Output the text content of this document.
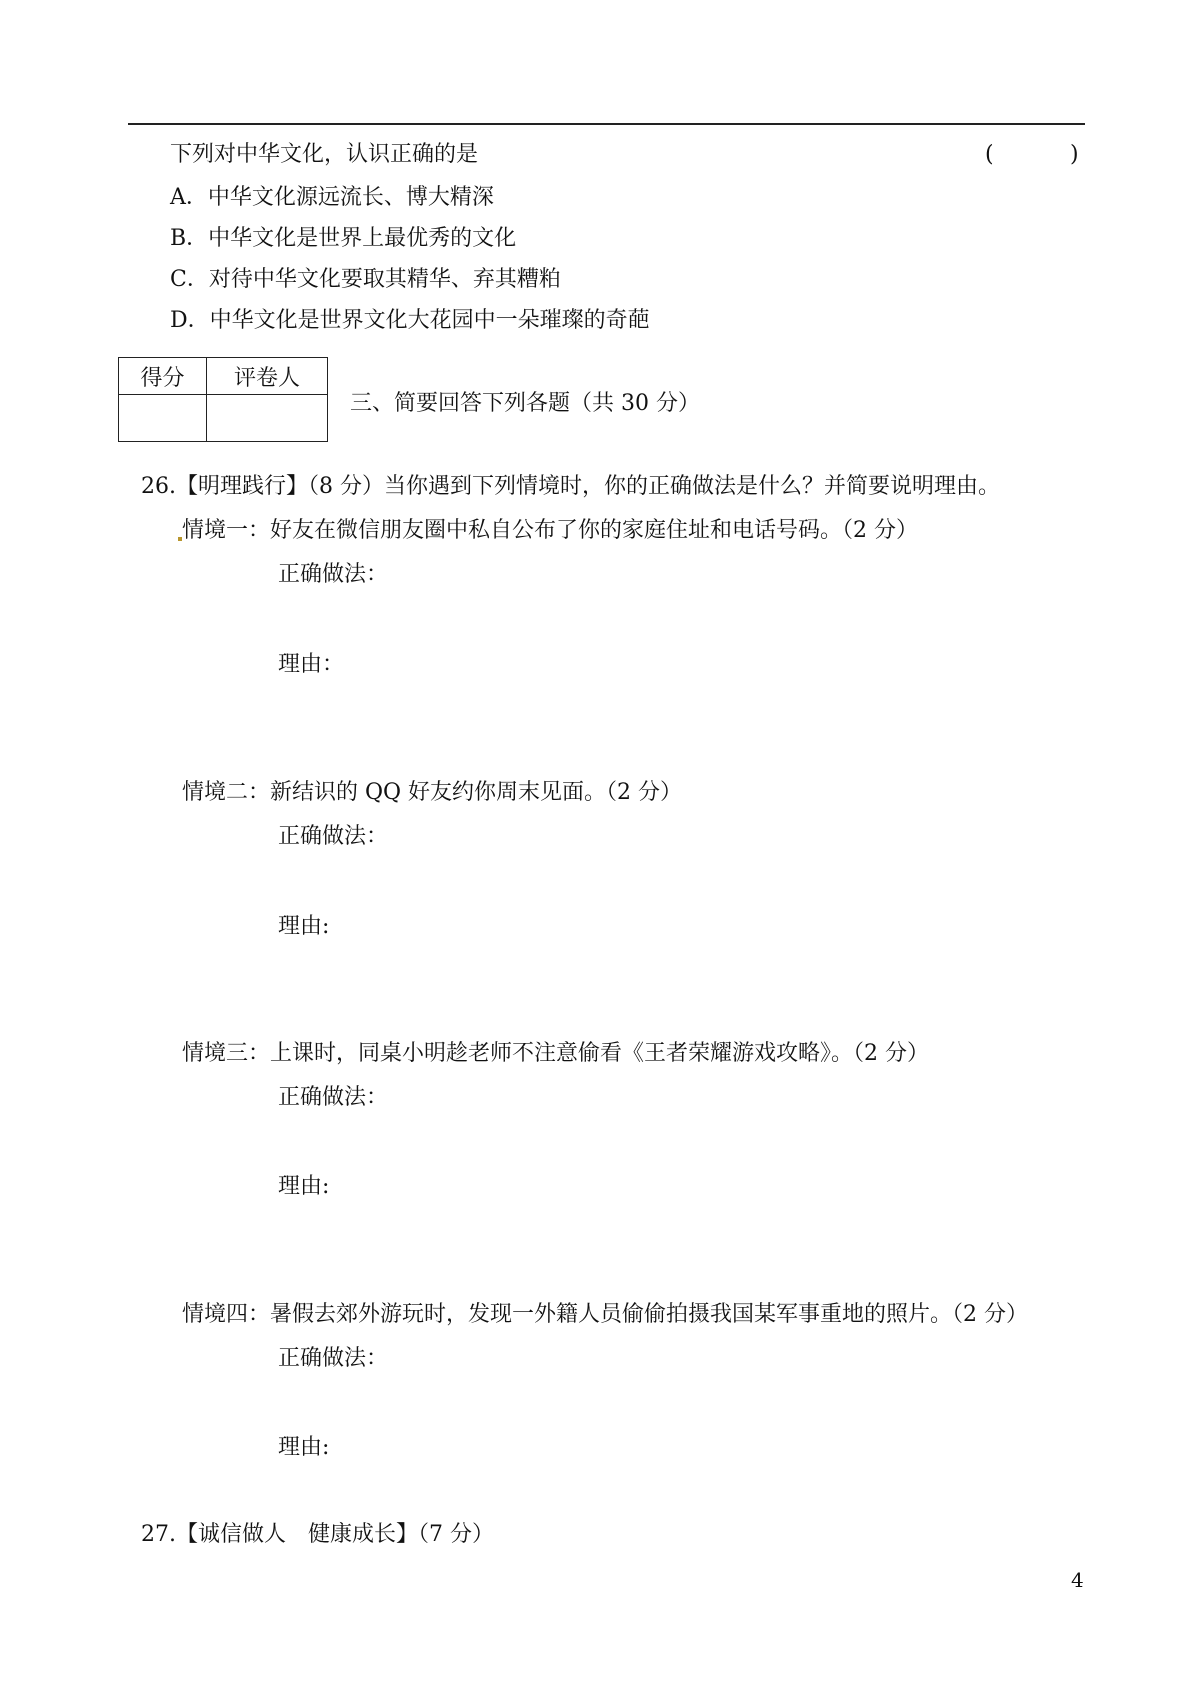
下列对中华文化，认识正确的是	(	)
A．中华文化源远流长、博大精深
B．中华文化是世界上最优秀的文化
C．对待中华文化要取其精华、弃其糟粕
D．中华文化是世界文化大花园中一朵璀璨的奇葩
得分	评卷人

三、简要回答下列各题（共 30 分）
26.【明理践行】（8 分）当你遇到下列情境时，你的正确做法是什么？并简要说明理由。
情境一：好友在微信朋友圈中私自公布了你的家庭住址和电话号码。（2 分）
正确做法：
理由：
情境二：新结识的 QQ 好友约你周末见面。（2 分）
正确做法：
理由:
情境三：上课时，同桌小明趁老师不注意偷看《王者荣耀游戏攻略》。（2 分）
正确做法：
理由:
情境四：暑假去郊外游玩时，发现一外籍人员偷偷拍摄我国某军事重地的照片。（2 分）
正确做法：
理由:
27.【诚信做人　健康成长】（7 分）
4
